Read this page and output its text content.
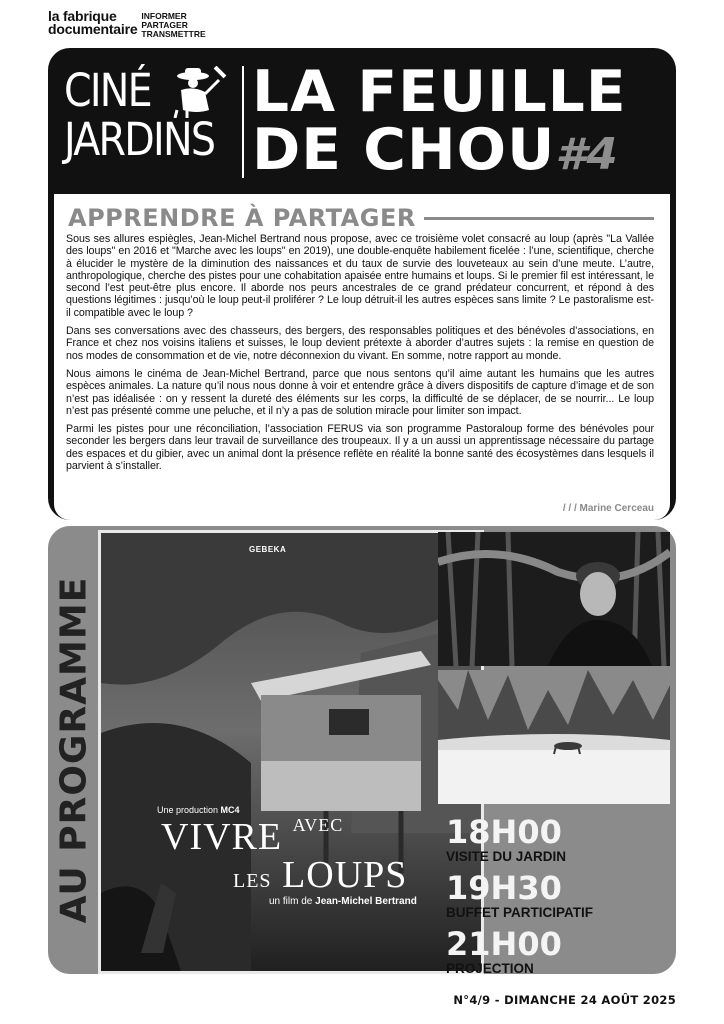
la fabrique
documentaire
INFORMER
PARTAGER
TRANSMETTRE
CINÉ
JARDINS
LA FEUILLE
DE CHOU#4
APPRENDRE À PARTAGER

Sous ses allures espiègles, Jean-Michel Bertrand nous propose, avec ce troisième volet consacré au loup (après "La Vallée des loups" en 2016 et "Marche avec les loups" en 2019), une double-enquête habilement ficelée : l’une, scientifique, cherche à élucider le mystère de la diminution des naissances et du taux de survie des louveteaux au sein d’une meute. L’autre, anthropologique, cherche des pistes pour une cohabitation apaisée entre humains et loups. Si le premier fil est intéressant, le second l’est peut-être plus encore. Il aborde nos peurs ancestrales de ce grand prédateur concurrent, et répond à des questions légitimes : jusqu’où le loup peut-il proliférer ? Le loup détruit-il les autres espèces sans limite ? Le pastoralisme est-il compatible avec le loup ?

Dans ses conversations avec des chasseurs, des bergers, des responsables politiques et des bénévoles d’associations, en France et chez nos voisins italiens et suisses, le loup devient prétexte à aborder d’autres sujets : la remise en question de nos modes de consommation et de vie, notre déconnexion du vivant. En somme, notre rapport au monde.

Nous aimons le cinéma de Jean-Michel Bertrand, parce que nous sentons qu’il aime autant les humains que les autres espèces animales. La nature qu’il nous nous donne à voir et entendre grâce à divers dispositifs de capture d’image et de son n’est pas idéalisée : on y ressent la dureté des éléments sur les corps, la difficulté de se déplacer, de se nourrir... Le loup n’est pas présenté comme une peluche, et il n’y a pas de solution miracle pour limiter son impact.

Parmi les pistes pour une réconciliation, l’association FERUS via son programme Pastoraloup forme des bénévoles pour seconder les bergers dans leur travail de surveillance des troupeaux. Il y a un aussi un apprentissage nécessaire du partage des espaces et du gibier, avec un animal dont la présence reflète en réalité la bonne santé des écosystèmes dans lesquels il parvient à s’installer.

/ / / Marine Cerceau
AU PROGRAMME
GEBEKA
Une production MC4
VIVRE $^{AVEC}$
LES LOUPS
un film de Jean-Michel Bertrand
18H00
VISITE DU JARDIN
19H30
BUFFET PARTICIPATIF
21H00
PROJECTION
N°4/9 - DIMANCHE 24 AOÛT 2025
